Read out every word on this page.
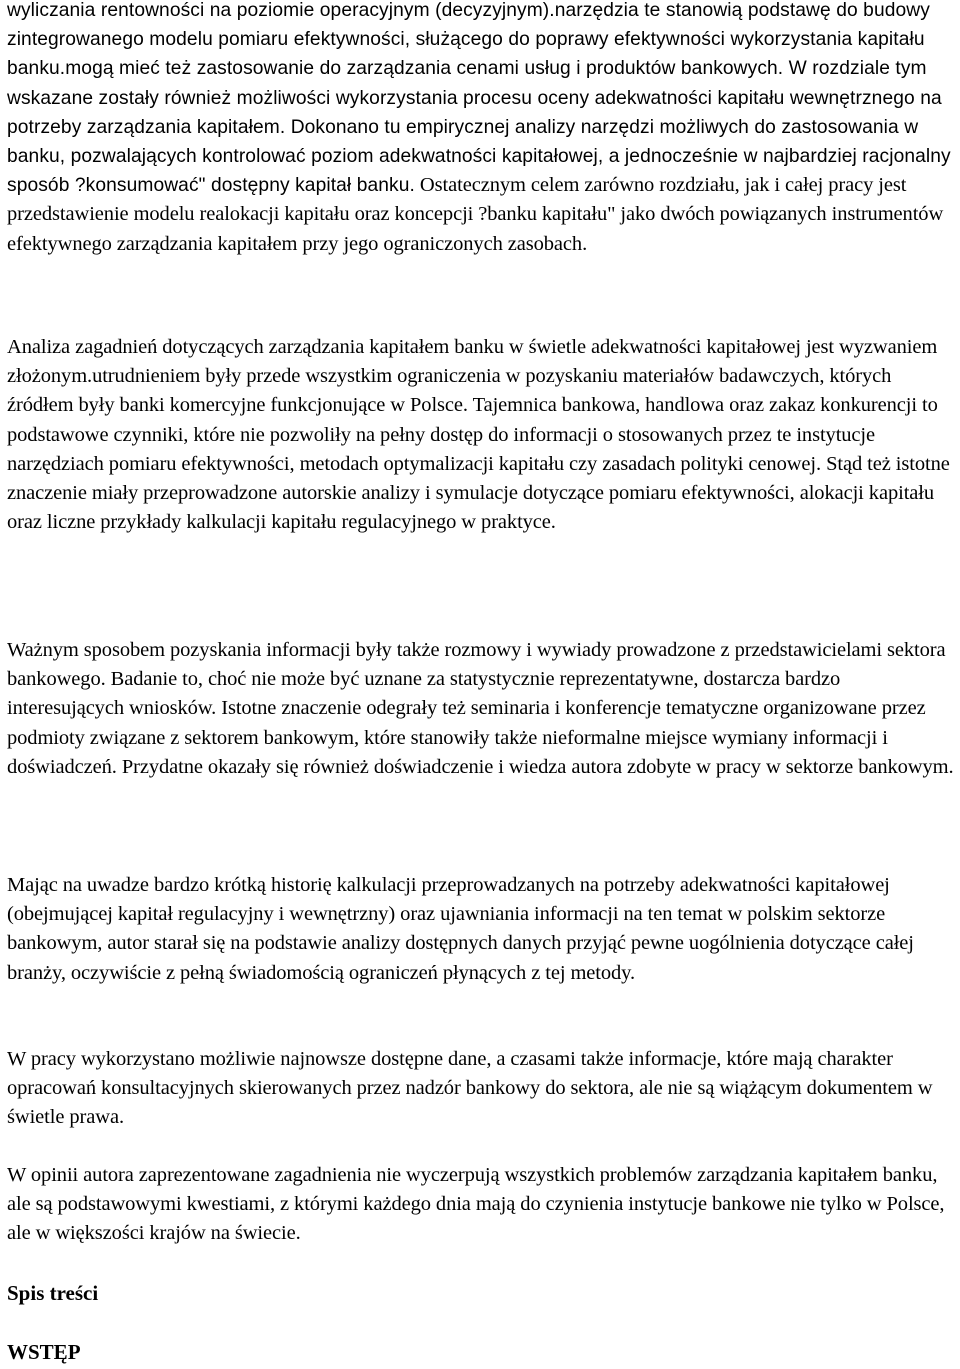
wyliczania rentowności na poziomie operacyjnym (decyzyjnym).narzędzia te stanowią podstawę do budowy zintegrowanego modelu pomiaru efektywności, służącego do poprawy efektywności wykorzystania kapitału banku.mogą mieć też zastosowanie do zarządzania cenami usług i produktów bankowych. W rozdziale tym wskazane zostały również możliwości wykorzystania procesu oceny adekwatności kapitału wewnętrznego na potrzeby zarządzania kapitałem. Dokonano tu empirycznej analizy narzędzi możliwych do zastosowania w banku, pozwalających kontrolować poziom adekwatności kapitałowej, a jednocześnie w najbardziej racjonalny sposób ?konsumować" dostępny kapitał banku. Ostatecznym celem zarówno rozdziału, jak i całej pracy jest przedstawienie modelu realokacji kapitału oraz koncepcji ?banku kapitału" jako dwóch powiązanych instrumentów efektywnego zarządzania kapitałem przy jego ograniczonych zasobach.

Analiza zagadnień dotyczących zarządzania kapitałem banku w świetle adekwatności kapitałowej jest wyzwaniem złożonym.utrudnieniem były przede wszystkim ograniczenia w pozyskaniu materiałów badawczych, których źródłem były banki komercyjne funkcjonujące w Polsce. Tajemnica bankowa, handlowa oraz zakaz konkurencji to podstawowe czynniki, które nie pozwoliły na pełny dostęp do informacji o stosowanych przez te instytucje narzędziach pomiaru efektywności, metodach optymalizacji kapitału czy zasadach polityki cenowej. Stąd też istotne znaczenie miały przeprowadzone autorskie analizy i symulacje dotyczące pomiaru efektywności, alokacji kapitału oraz liczne przykłady kalkulacji kapitału regulacyjnego w praktyce.

Ważnym sposobem pozyskania informacji były także rozmowy i wywiady prowadzone z przedstawicielami sektora bankowego. Badanie to, choć nie może być uznane za statystycznie reprezentatywne, dostarcza bardzo interesujących wniosków. Istotne znaczenie odegrały też seminaria i konferencje tematyczne organizowane przez podmioty związane z sektorem bankowym, które stanowiły także nieformalne miejsce wymiany informacji i doświadczeń. Przydatne okazały się również doświadczenie i wiedza autora zdobyte w pracy w sektorze bankowym.

Mając na uwadze bardzo krótką historię kalkulacji przeprowadzanych na potrzeby adekwatności kapitałowej (obejmującej kapitał regulacyjny i wewnętrzny) oraz ujawniania informacji na ten temat w polskim sektorze bankowym, autor starał się na podstawie analizy dostępnych danych przyjąć pewne uogólnienia dotyczące całej branży, oczywiście z pełną świadomością ograniczeń płynących z tej metody.

W pracy wykorzystano możliwie najnowsze dostępne dane, a czasami także informacje, które mają charakter opracowań konsultacyjnych skierowanych przez nadzór bankowy do sektora, ale nie są wiążącym dokumentem w świetle prawa.

W opinii autora zaprezentowane zagadnienia nie wyczerpują wszystkich problemów zarządzania kapitałem banku, ale są podstawowymi kwestiami, z którymi każdego dnia mają do czynienia instytucje bankowe nie tylko w Polsce, ale w większości krajów na świecie.

Spis treści
WSTĘP
